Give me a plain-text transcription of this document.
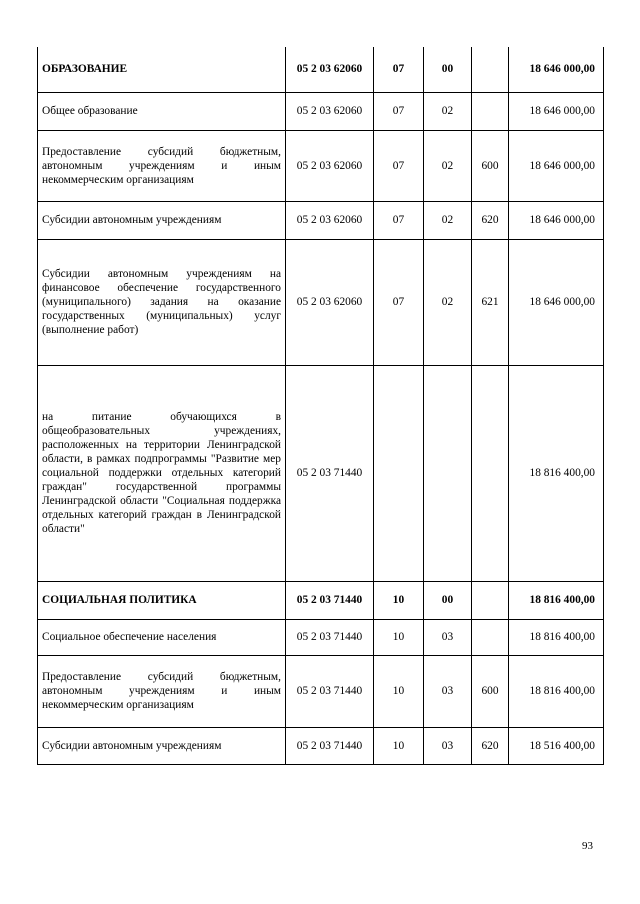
ОБРАЗОВАНИЕ	05 2 03 62060	07	00		18 646 000,00
Общее образование	05 2 03 62060	07	02		18 646 000,00
Предоставление субсидий бюджетным, автономным учреждениям и иным некоммерческим организациям	05 2 03 62060	07	02	600	18 646 000,00
Субсидии автономным учреждениям	05 2 03 62060	07	02	620	18 646 000,00
Субсидии автономным учреждениям на финансовое обеспечение государственного (муниципального) задания на оказание государственных (муниципальных) услуг (выполнение работ)	05 2 03 62060	07	02	621	18 646 000,00
на питание обучающихся в общеобразовательных учреждениях, расположенных на территории Ленинградской области, в рамках подпрограммы "Развитие мер социальной поддержки отдельных категорий граждан" государственной программы Ленинградской области "Социальная поддержка отдельных категорий граждан в Ленинградской области"	05 2 03 71440				18 816 400,00
СОЦИАЛЬНАЯ ПОЛИТИКА	05 2 03 71440	10	00		18 816 400,00
Социальное обеспечение населения	05 2 03 71440	10	03		18 816 400,00
Предоставление субсидий бюджетным, автономным учреждениям и иным некоммерческим организациям	05 2 03 71440	10	03	600	18 816 400,00
Субсидии автономным учреждениям	05 2 03 71440	10	03	620	18 516 400,00
93
